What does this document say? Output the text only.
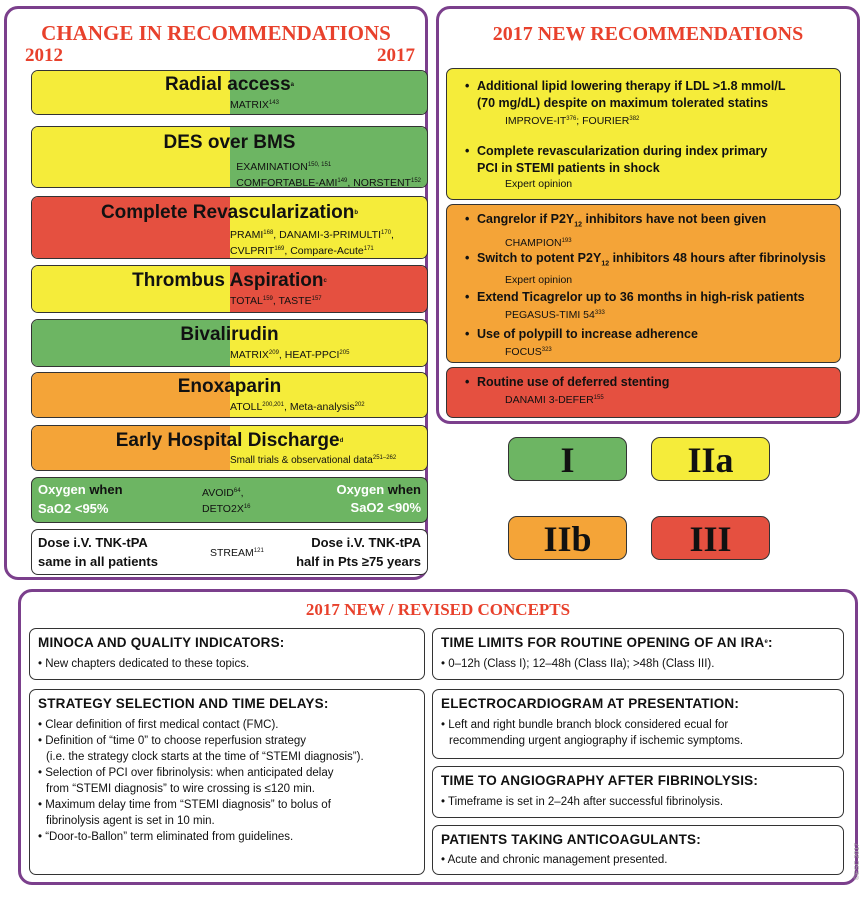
CHANGE IN RECOMMENDATIONS
2012	2017
Radial access$^a$
MATRIX$^{143}$
DES over BMS
EXAMINATION$^{150, 151}$
COMFORTABLE-AMI$^{149}$, NORSTENT$^{152}$
Complete Revascularization$^b$
PRAMI$^{168}$, DANAMI-3-PRIMULTI$^{170}$,
CVLPRIT$^{169}$, Compare-Acute$^{171}$
Thrombus Aspiration$^c$
TOTAL$^{159}$, TASTE$^{157}$
Bivalirudin
MATRIX$^{209}$, HEAT-PPCI$^{205}$
Enoxaparin
ATOLL$^{200,201}$, Meta-analysis$^{202}$
Early Hospital Discharge$^d$
Small trials & observational data$^{251-262}$
Oxygen when
SaO2 <95%
AVOID$^{64}$,
$DETO2X^{16}$
Oxygen when
SaO2 <90%
Dose i.V. TNK-tPA
same in all patients
STREAM$^{121}$
Dose i.V. TNK-tPA
half in Pts ≥75 years
2017 NEW RECOMMENDATIONS
• Additional lipid lowering therapy if LDL >1.8 mmol/L
(70 mg/dL) despite on maximum tolerated statins
IMPROVE-IT$^{376}$; FOURIER$^{382}$
• Complete revascularization during index primary
PCI in STEMI patients in shock
Expert opinion
• Cangrelor if $P2Y_{12}$ inhibitors have not been given
CHAMPION$^{193}$
• Switch to potent $P2Y_{12}$ inhibitors 48 hours after fibrinolysis
Expert opinion
• Extend Ticagrelor up to 36 months in high-risk patients
PEGASUS-TIMI $54^{333}$
• Use of polypill to increase adherence
FOCUS$^{323}$
• Routine use of deferred stenting
DANAMI 3-DEFER$^{155}$
I	IIa
IIb	III
2017 NEW / REVISED CONCEPTS
MINOCA AND QUALITY INDICATORS:
• New chapters dedicated to these topics.
STRATEGY SELECTION AND TIME DELAYS:
• Clear definition of first medical contact (FMC).
• Definition of “time 0” to choose reperfusion strategy
(i.e. the strategy clock starts at the time of “STEMI diagnosis”).
• Selection of PCI over fibrinolysis: when anticipated delay
from “STEMI diagnosis” to wire crossing is ≤120 min.
• Maximum delay time from “STEMI diagnosis” to bolus of
fibrinolysis agent is set in 10 min.
• “Door-to-Ballon” term eliminated from guidelines.
TIME LIMITS FOR ROUTINE OPENING OF AN IRA$^e$:
• 0–12h (Class I); 12–48h (Class IIa); >48h (Class III).
ELECTROCARDIOGRAM AT PRESENTATION:
• Left and right bundle branch block considered ecual for
recommending urgent angiography if ischemic symptoms.
TIME TO ANGIOGRAPHY AFTER FIBRINOLYSIS:
• Timeframe is set in 2–24h after successful fibrinolysis.
PATIENTS TAKING ANTICOAGULANTS:
• Acute and chronic management presented.	©ESC 2017
